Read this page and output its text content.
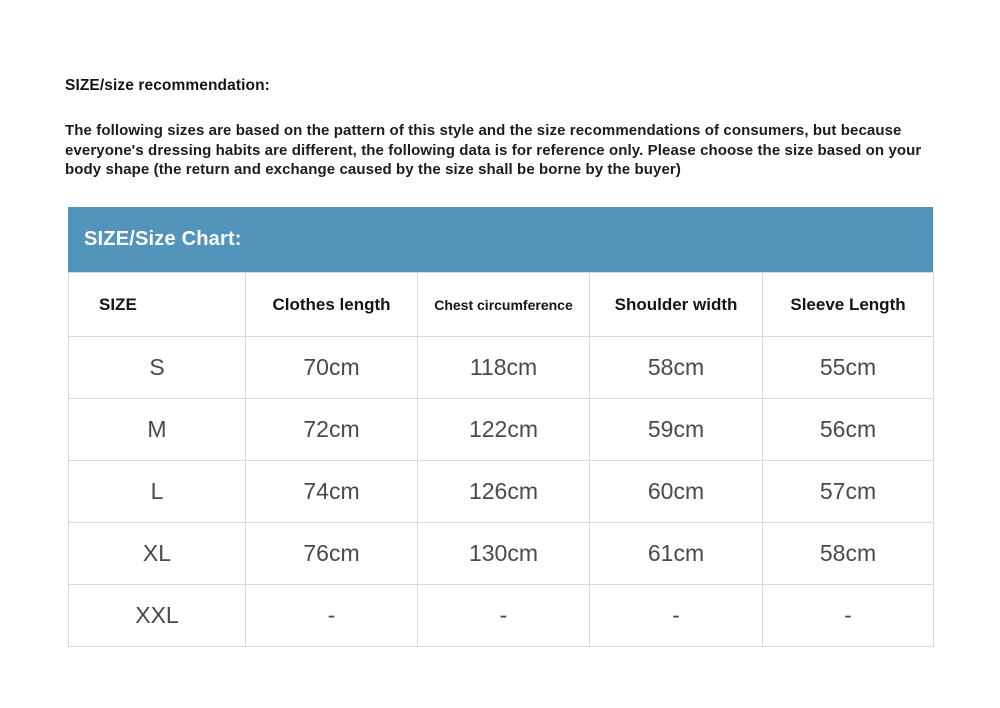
SIZE/size recommendation:
The following sizes are based on the pattern of this style and the size recommendations of consumers, but because everyone's dressing habits are different, the following data is for reference only. Please choose the size based on your body shape (the return and exchange caused by the size shall be borne by the buyer)
SIZE/Size Chart:
SIZE	Clothes length	Chest circumference	Shoulder width	Sleeve Length
S	70cm	118cm	58cm	55cm
M	72cm	122cm	59cm	56cm
L	74cm	126cm	60cm	57cm
XL	76cm	130cm	61cm	58cm
XXL	-	-	-	-
